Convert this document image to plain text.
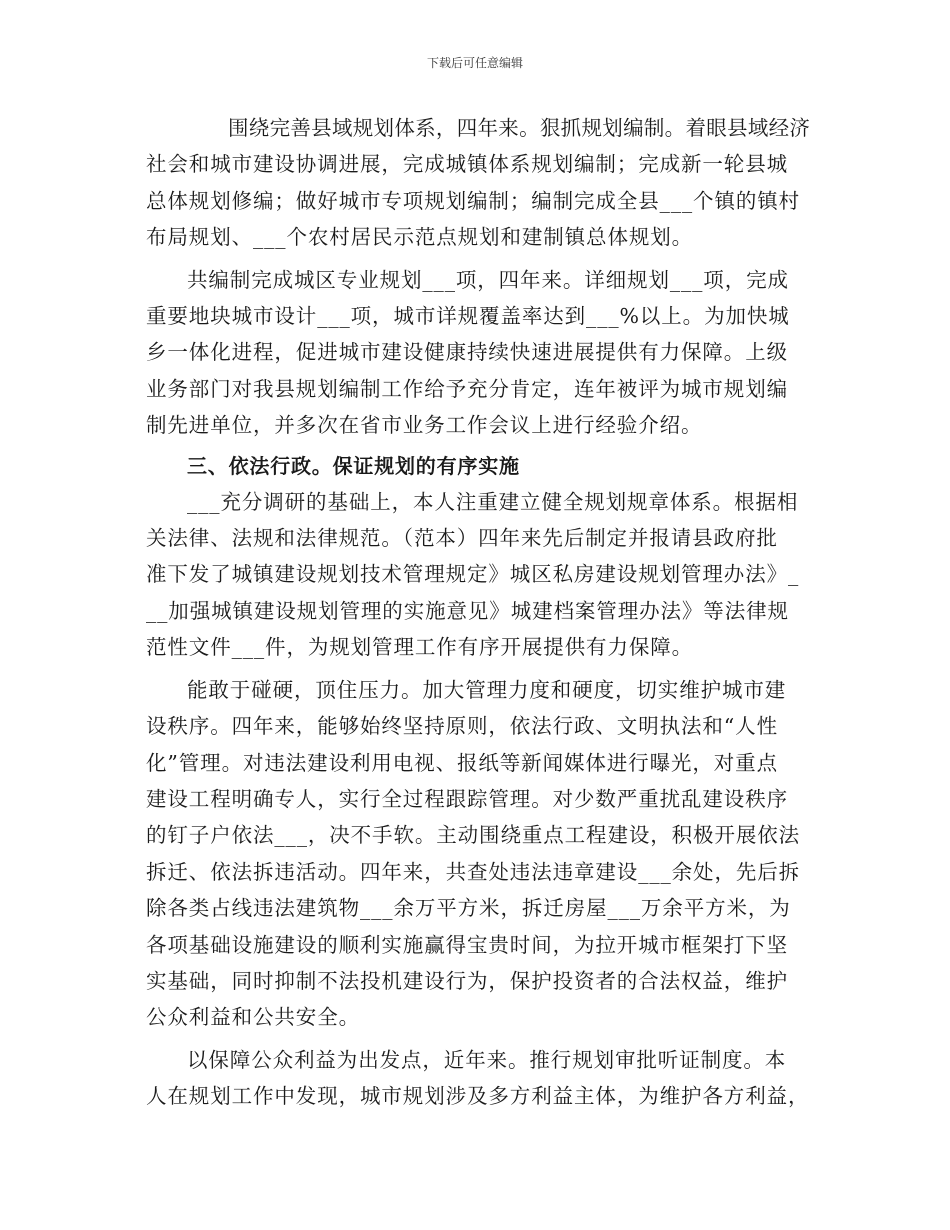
下载后可任意编辑
围绕完善县域规划体系，四年来。狠抓规划编制。着眼县域经济
社会和城市建设协调进展，完成城镇体系规划编制；完成新一轮县城
总体规划修编；做好城市专项规划编制；编制完成全县___个镇的镇村
布局规划、___个农村居民示范点规划和建制镇总体规划。
共编制完成城区专业规划___项，四年来。详细规划___项，完成
重要地块城市设计___项，城市详规覆盖率达到___%以上。为加快城
乡一体化进程，促进城市建设健康持续快速进展提供有力保障。上级
业务部门对我县规划编制工作给予充分肯定，连年被评为城市规划编
制先进单位，并多次在省市业务工作会议上进行经验介绍。
三、依法行政。保证规划的有序实施
___充分调研的基础上，本人注重建立健全规划规章体系。根据相
关法律、法规和法律规范。（范本）四年来先后制定并报请县政府批
准下发了城镇建设规划技术管理规定》城区私房建设规划管理办法》_
__加强城镇建设规划管理的实施意见》城建档案管理办法》等法律规
范性文件___件，为规划管理工作有序开展提供有力保障。
能敢于碰硬，顶住压力。加大管理力度和硬度，切实维护城市建
设秩序。四年来，能够始终坚持原则，依法行政、文明执法和“人性
化”管理。对违法建设利用电视、报纸等新闻媒体进行曝光，对重点
建设工程明确专人，实行全过程跟踪管理。对少数严重扰乱建设秩序
的钉子户依法___，决不手软。主动围绕重点工程建设，积极开展依法
拆迁、依法拆违活动。四年来，共查处违法违章建设___余处，先后拆
除各类占线违法建筑物___余万平方米，拆迁房屋___万余平方米，为
各项基础设施建设的顺利实施赢得宝贵时间，为拉开城市框架打下坚
实基础，同时抑制不法投机建设行为，保护投资者的合法权益，维护
公众利益和公共安全。
以保障公众利益为出发点，近年来。推行规划审批听证制度。本
人在规划工作中发现，城市规划涉及多方利益主体，为维护各方利益，
